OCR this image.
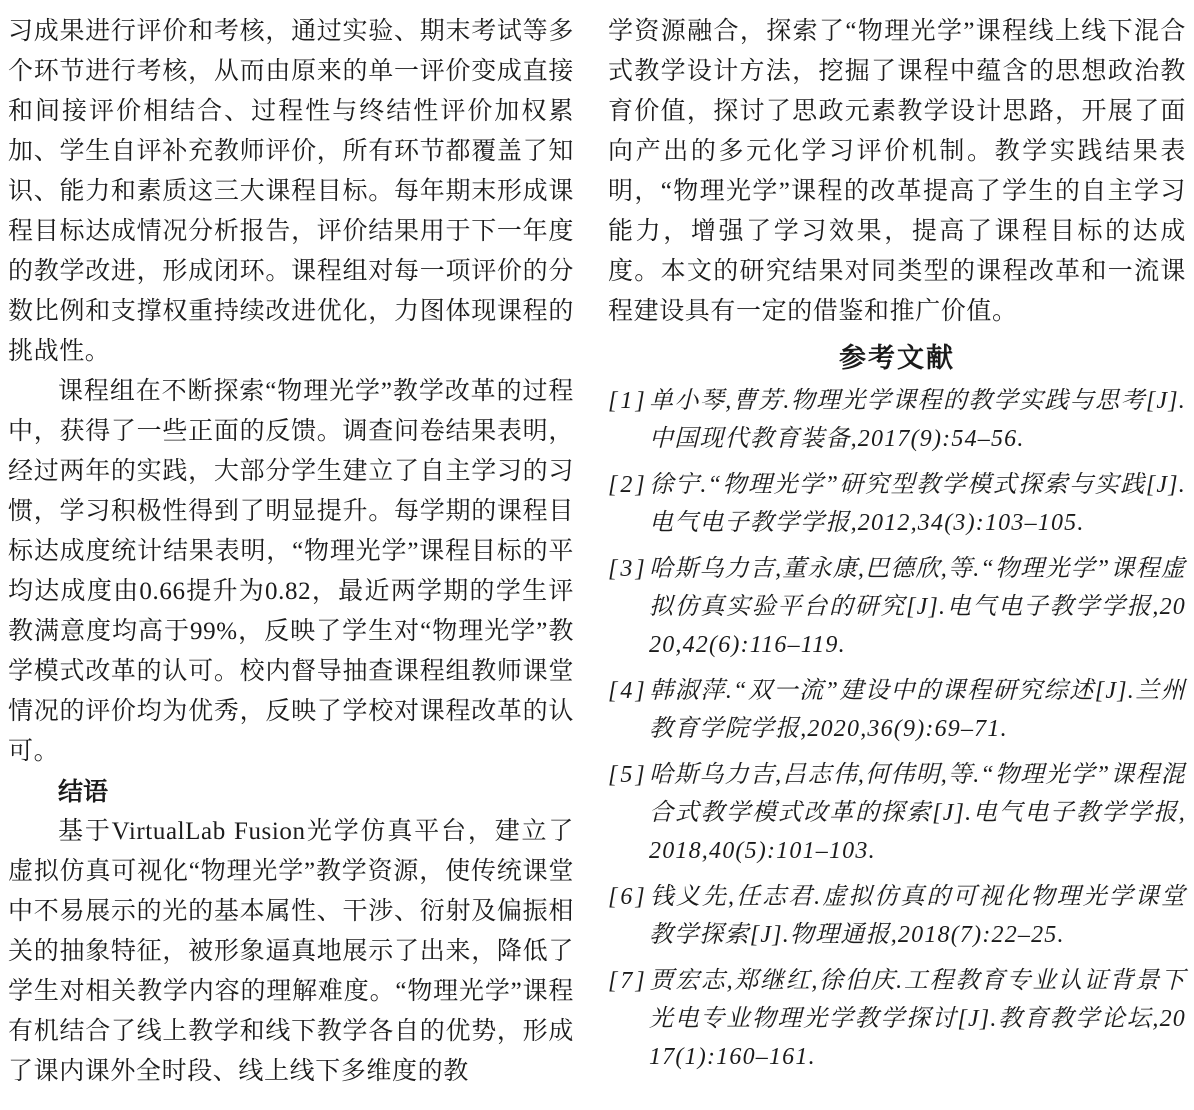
习成果进行评价和考核，通过实验、期末考试等多个环节进行考核，从而由原来的单一评价变成直接和间接评价相结合、过程性与终结性评价加权累加、学生自评补充教师评价，所有环节都覆盖了知识、能力和素质这三大课程目标。每年期末形成课程目标达成情况分析报告，评价结果用于下一年度的教学改进，形成闭环。课程组对每一项评价的分数比例和支撑权重持续改进优化，力图体现课程的挑战性。

课程组在不断探索“物理光学”教学改革的过程中，获得了一些正面的反馈。调查问卷结果表明，经过两年的实践，大部分学生建立了自主学习的习惯，学习积极性得到了明显提升。每学期的课程目标达成度统计结果表明，“物理光学”课程目标的平均达成度由0.66提升为0.82，最近两学期的学生评教满意度均高于99%，反映了学生对“物理光学”教学模式改革的认可。校内督导抽查课程组教师课堂情况的评价均为优秀，反映了学校对课程改革的认可。

结语

基于VirtualLab Fusion光学仿真平台，建立了虚拟仿真可视化“物理光学”教学资源，使传统课堂中不易展示的光的基本属性、干涉、衍射及偏振相关的抽象特征，被形象逼真地展示了出来，降低了学生对相关教学内容的理解难度。“物理光学”课程有机结合了线上教学和线下教学各自的优势，形成了课内课外全时段、线上线下多维度的教

学资源融合，探索了“物理光学”课程线上线下混合式教学设计方法，挖掘了课程中蕴含的思想政治教育价值，探讨了思政元素教学设计思路，开展了面向产出的多元化学习评价机制。教学实践结果表明，“物理光学”课程的改革提高了学生的自主学习能力，增强了学习效果，提高了课程目标的达成度。本文的研究结果对同类型的课程改革和一流课程建设具有一定的借鉴和推广价值。

参考文献
[1]单小琴,曹芳.物理光学课程的教学实践与思考[J].中国现代教育装备,2017(9):54–56.
[2]徐宁.“物理光学”研究型教学模式探索与实践[J].电气电子教学学报,2012,34(3):103–105.
[3]哈斯乌力吉,董永康,巴德欣,等.“物理光学”课程虚拟仿真实验平台的研究[J].电气电子教学学报,2020,42(6):116–119.
[4]韩淑萍.“双一流”建设中的课程研究综述[J].兰州教育学院学报,2020,36(9):69–71.
[5]哈斯乌力吉,吕志伟,何伟明,等.“物理光学”课程混合式教学模式改革的探索[J].电气电子教学学报,2018,40(5):101–103.
[6]钱义先,任志君.虚拟仿真的可视化物理光学课堂教学探索[J].物理通报,2018(7):22–25.
[7]贾宏志,郑继红,徐伯庆.工程教育专业认证背景下光电专业物理光学教学探讨[J].教育教学论坛,2017(1):160–161.
